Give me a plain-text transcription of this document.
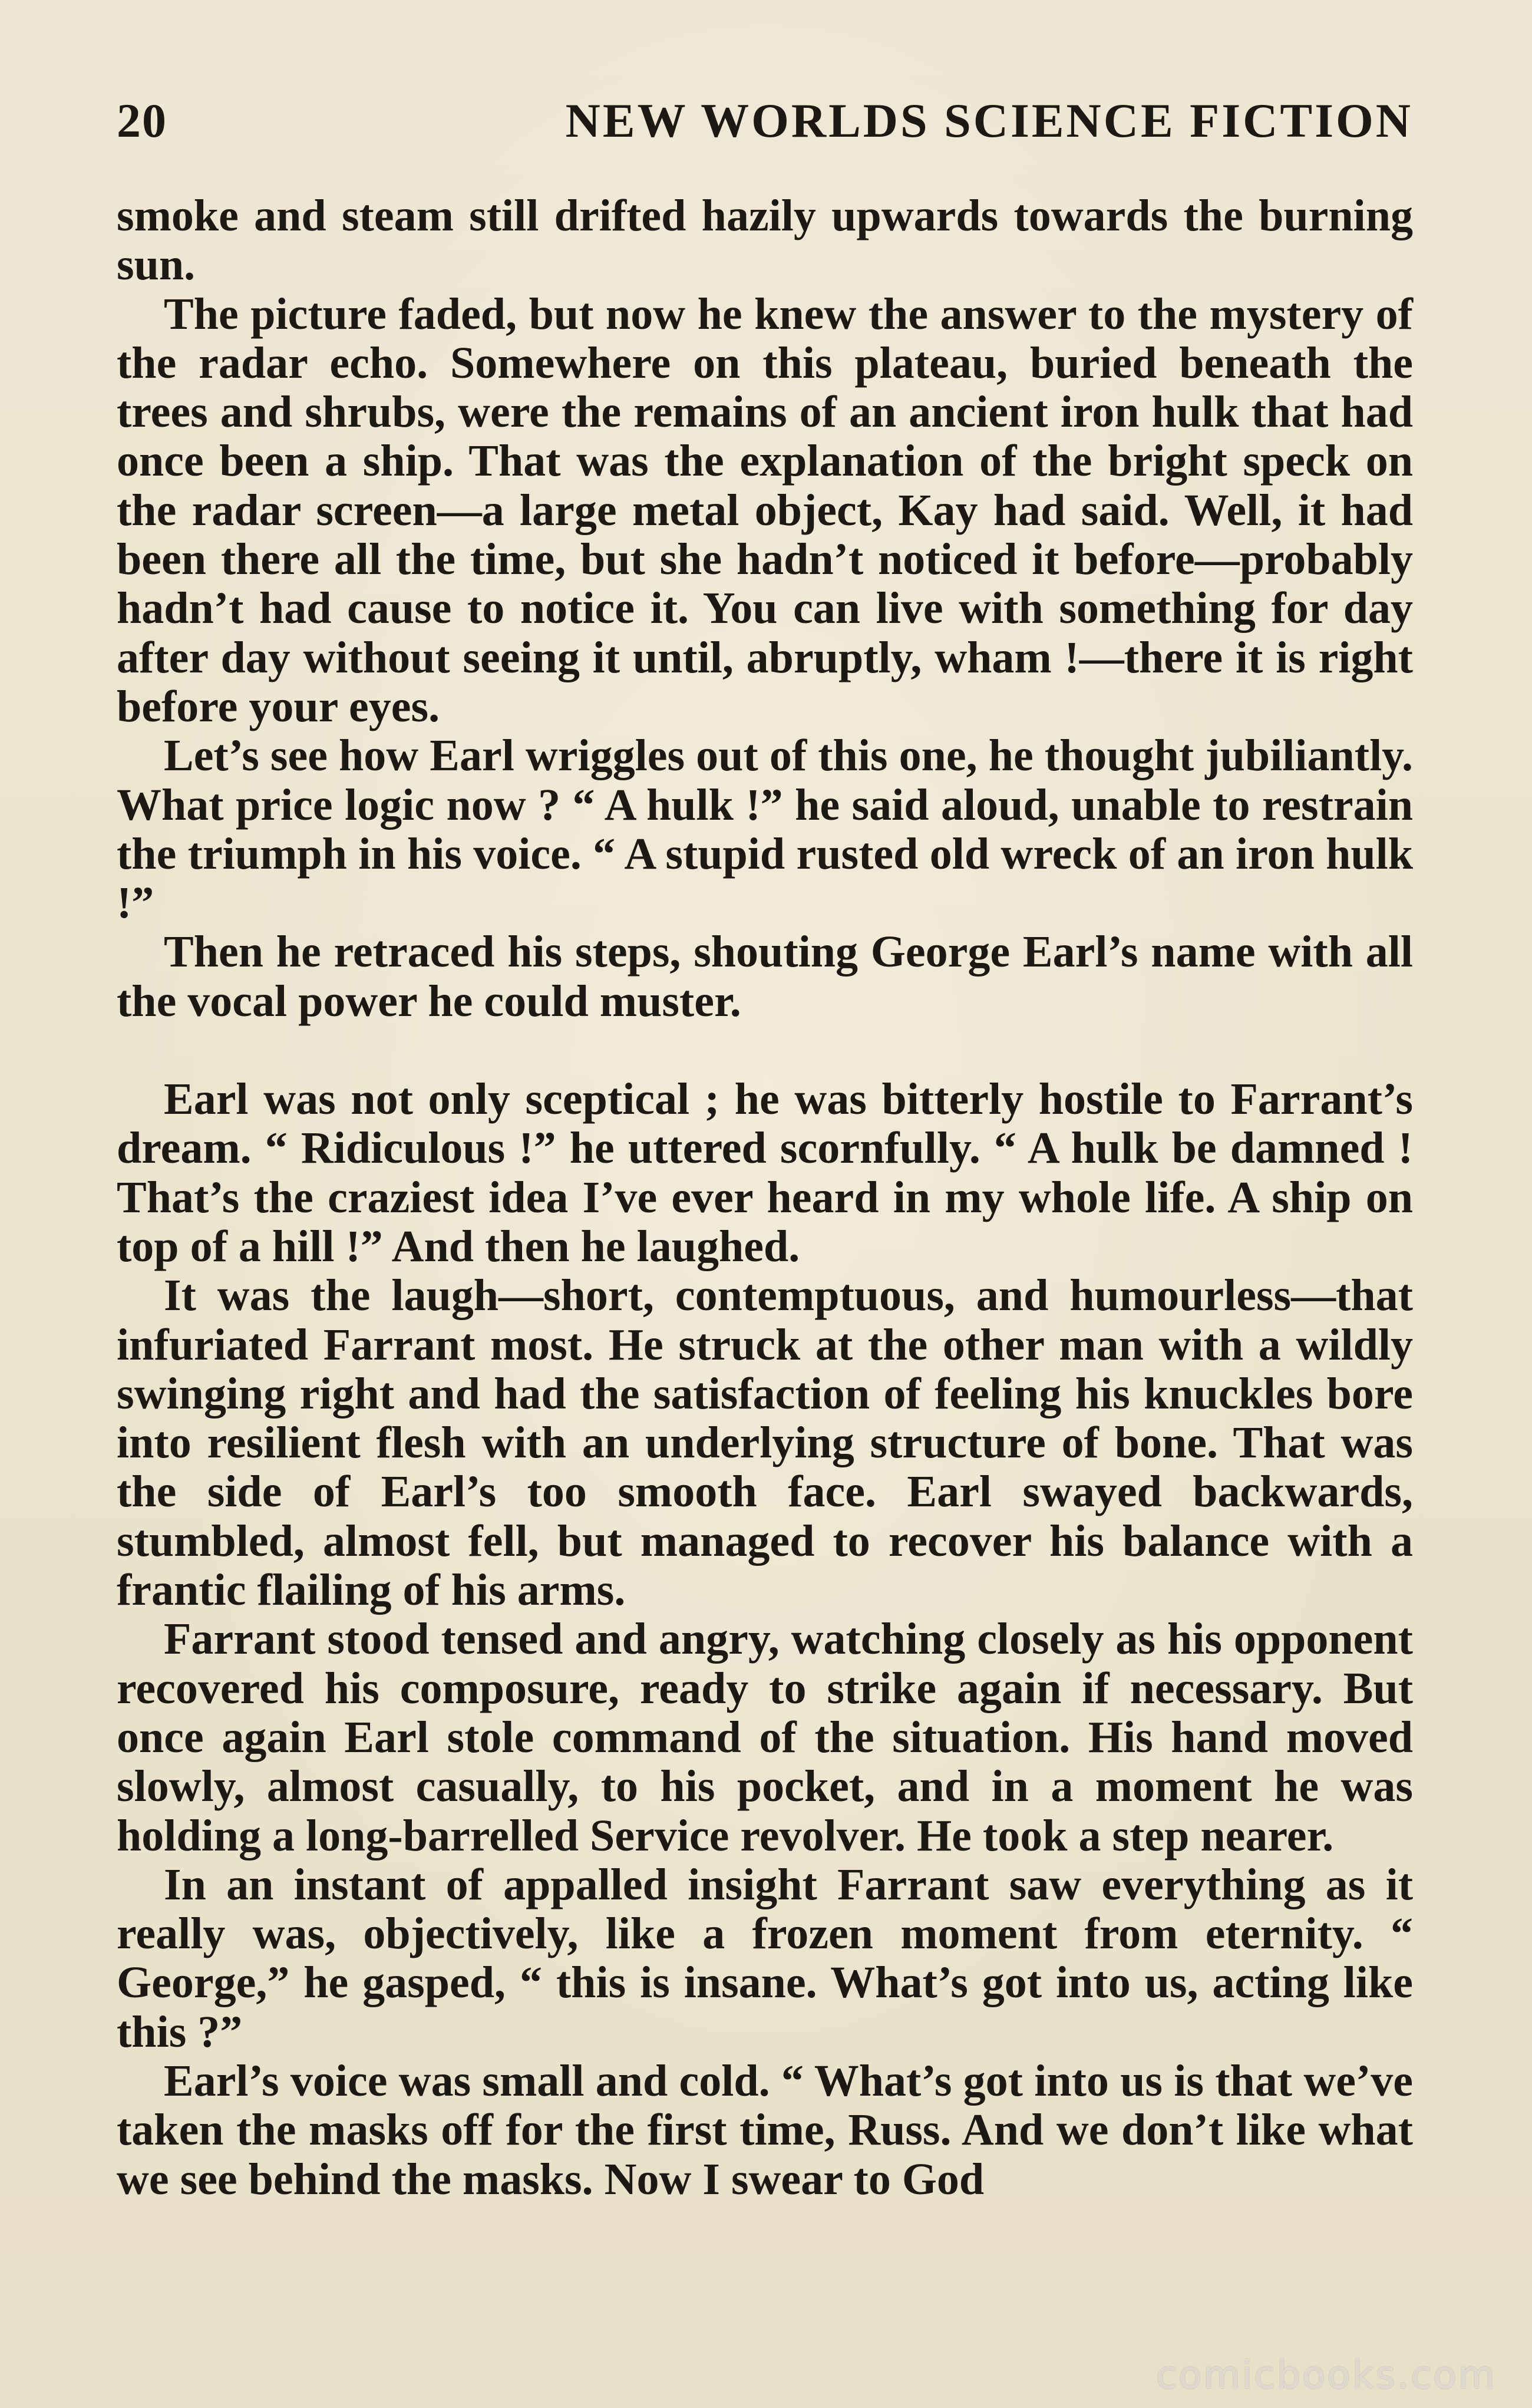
20	NEW WORLDS SCIENCE FICTION

smoke and steam still drifted hazily upwards towards the burning sun.

The picture faded, but now he knew the answer to the mystery of the radar echo. Somewhere on this plateau, buried beneath the trees and shrubs, were the remains of an ancient iron hulk that had once been a ship. That was the explanation of the bright speck on the radar screen—a large metal object, Kay had said. Well, it had been there all the time, but she hadn’t noticed it before—probably hadn’t had cause to notice it. You can live with something for day after day without seeing it until, abruptly, wham !—there it is right before your eyes.

Let’s see how Earl wriggles out of this one, he thought jubiliantly. What price logic now ? “ A hulk !” he said aloud, unable to restrain the triumph in his voice. “ A stupid rusted old wreck of an iron hulk !”

Then he retraced his steps, shouting George Earl’s name with all the vocal power he could muster.

Earl was not only sceptical ; he was bitterly hostile to Farrant’s dream. “ Ridiculous !” he uttered scornfully. “ A hulk be damned ! That’s the craziest idea I’ve ever heard in my whole life. A ship on top of a hill !” And then he laughed.

It was the laugh—short, contemptuous, and humourless—that infuriated Farrant most. He struck at the other man with a wildly swinging right and had the satisfaction of feeling his knuckles bore into resilient flesh with an underlying structure of bone. That was the side of Earl’s too smooth face. Earl swayed backwards, stumbled, almost fell, but managed to recover his balance with a frantic flailing of his arms.

Farrant stood tensed and angry, watching closely as his opponent recovered his composure, ready to strike again if necessary. But once again Earl stole command of the situation. His hand moved slowly, almost casually, to his pocket, and in a moment he was holding a long-barrelled Service revolver. He took a step nearer.

In an instant of appalled insight Farrant saw everything as it really was, objectively, like a frozen moment from eternity. “ George,” he gasped, “ this is insane. What’s got into us, acting like this ?”

Earl’s voice was small and cold. “ What’s got into us is that we’ve taken the masks off for the first time, Russ. And we don’t like what we see behind the masks. Now I swear to God

comicbooks.com
